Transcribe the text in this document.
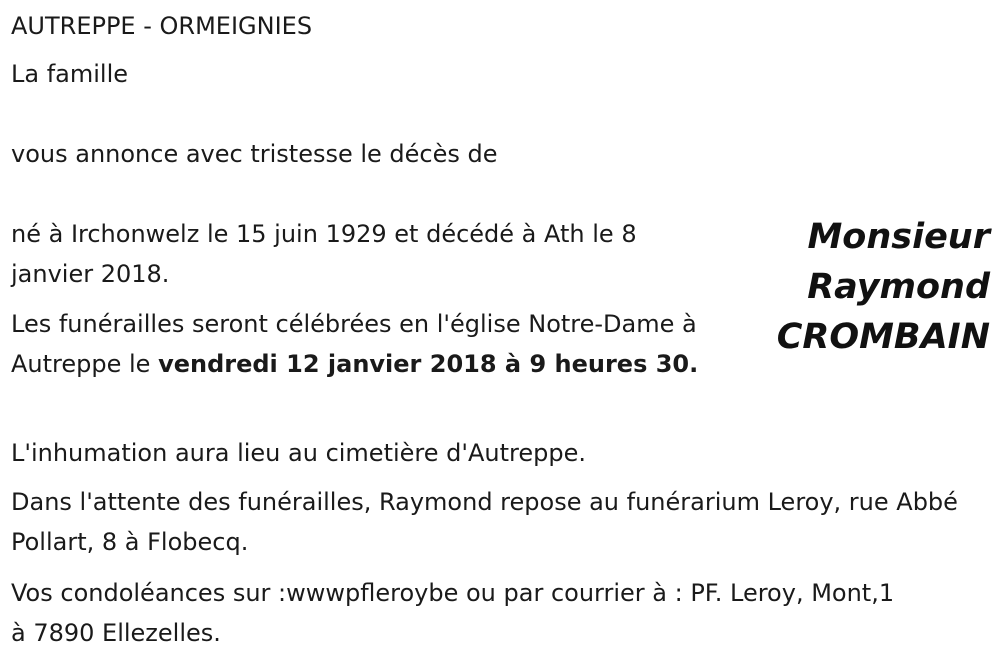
AUTREPPE - ORMEIGNIES

La famille

vous annonce avec tristesse le décès de

né à Irchonwelz le 15 juin 1929 et décédé à Ath le 8 janvier 2018.

Les funérailles seront célébrées en l'église Notre-Dame à Autreppe le vendredi 12 janvier 2018 à 9 heures 30.

L'inhumation aura lieu au cimetière d'Autreppe.

Dans l'attente des funérailles, Raymond repose au funérarium Leroy, rue Abbé Pollart, 8 à Flobecq.

Vos condoléances sur :wwwpfleroybe ou par courrier à : PF. Leroy, Mont,1 à 7890 Ellezelles.

Monsieur
Raymond
CROMBAIN
